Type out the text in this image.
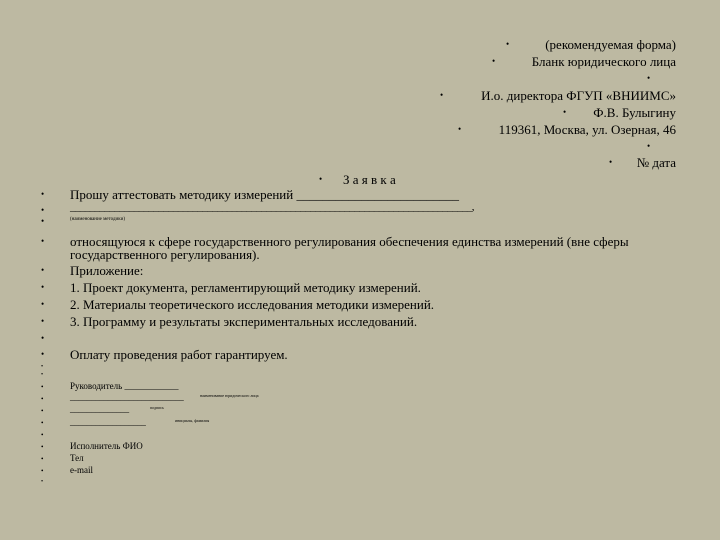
•	(рекомендуемая форма)
•	Бланк юридического лица
•
•	И.о. директора ФГУП «ВНИИМС»
• Ф.В. Булыгину
•	119361, Москва, ул. Озерная, 46
•
• № дата
• З а я в к а
• Прошу аттестовать методику измерений _________________________
• __________________________________________________________________________________,
•	(наименование методики)
• относящуюся к сфере государственного регулирования обеспечения единства измерений (вне сферы государственного регулирования).
• Приложение:
• 1. Проект документа, регламентирующий методику измерений.
• 2. Материалы теоретического исследования методики измерений.
• 3. Программу и результаты экспериментальных исследований.
•
• Оплату проведения работ гарантируем.
•
•
•	Руководитель ____________
•	___________________________	наименование юридического лица
•	______________	подпись
•	__________________	инициалы, фамилия
•
•	Исполнитель ФИО
•	Тел
•	e-mail
•
